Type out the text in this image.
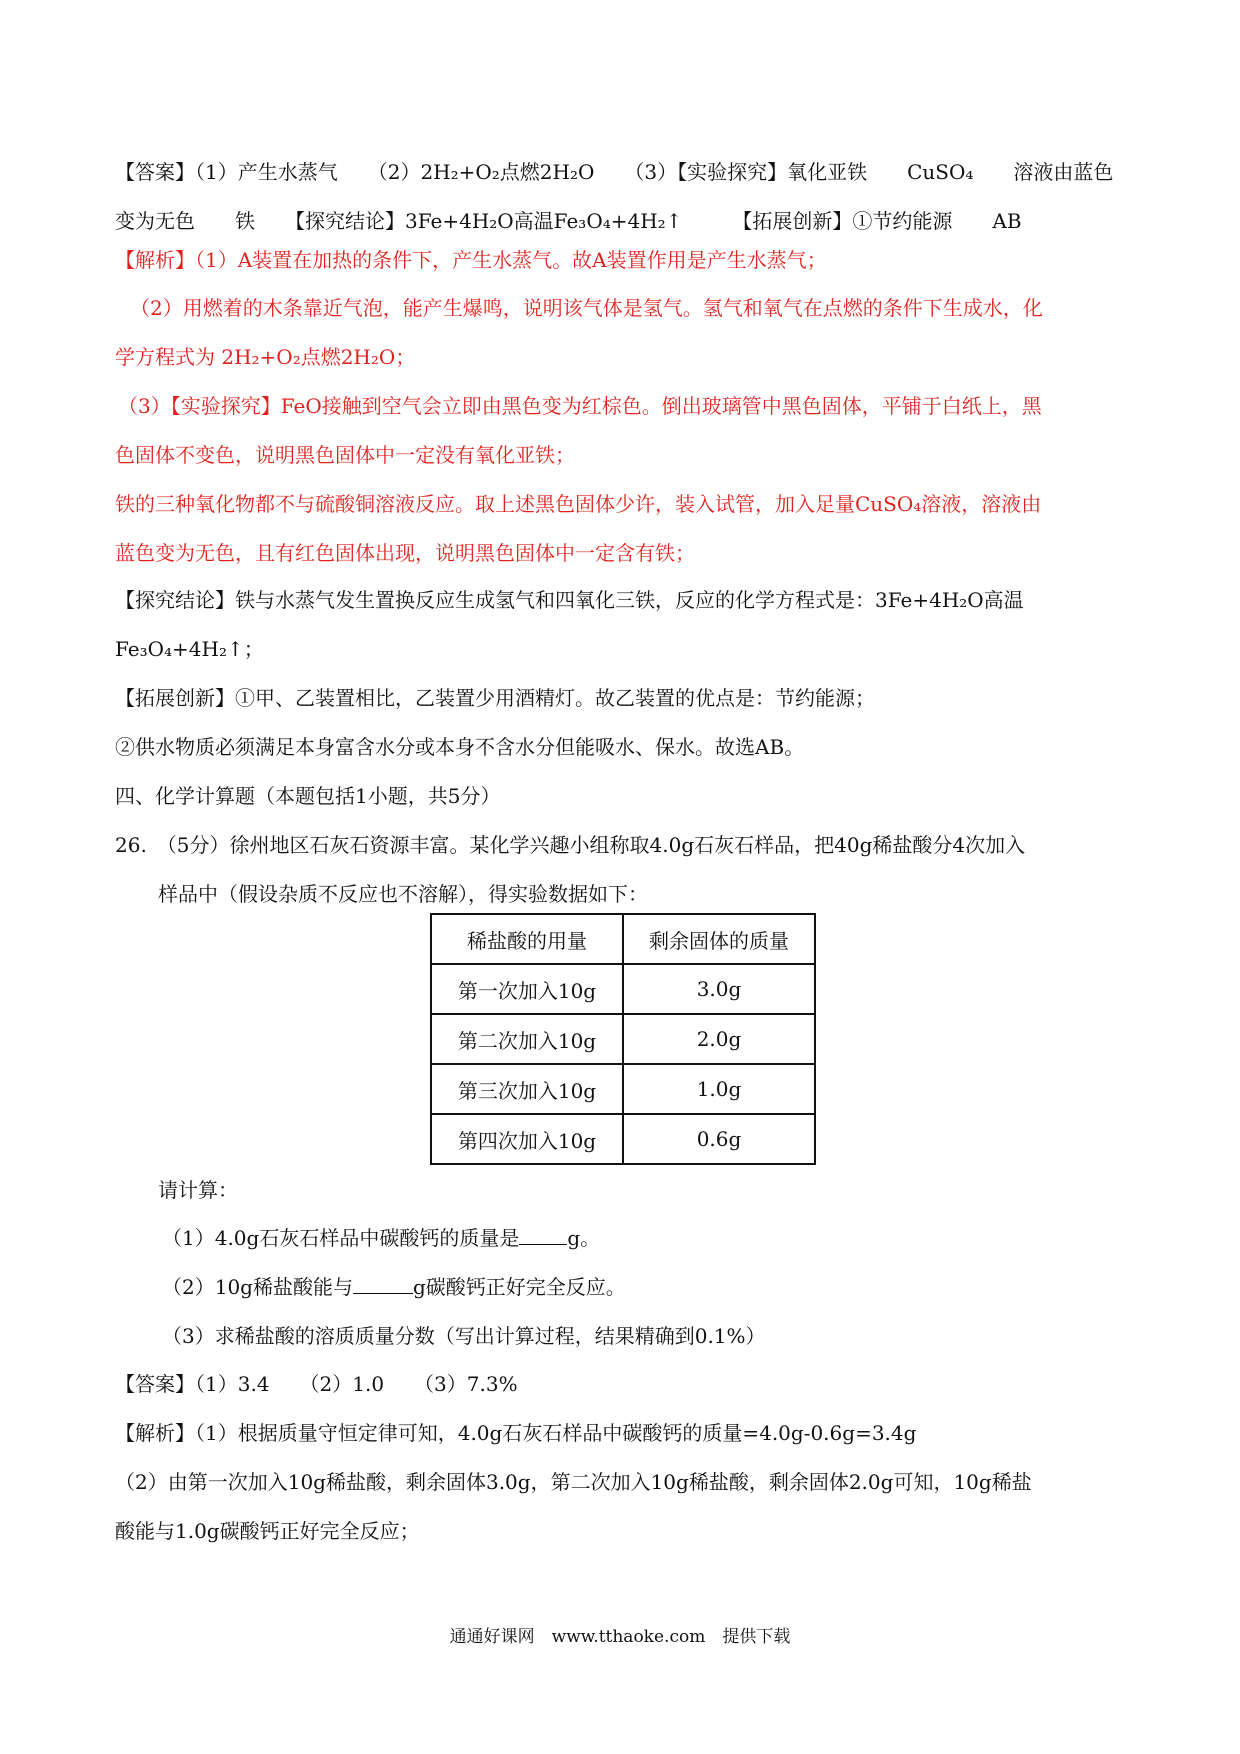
【答案】（1）产生水蒸气　　（2）2H₂+O₂点燃2H₂O　　（3）【实验探究】氧化亚铁　　CuSO₄　　溶液由蓝色
变为无色　　铁　　【探究结论】3Fe+4H₂O高温Fe₃O₄+4H₂↑　　　【拓展创新】①节约能源　　AB
【解析】（1）A装置在加热的条件下，产生水蒸气。故A装置作用是产生水蒸气；
（2）用燃着的木条靠近气泡，能产生爆鸣，说明该气体是氢气。氢气和氧气在点燃的条件下生成水，化
学方程式为 2H₂+O₂点燃2H₂O；
（3）【实验探究】FeO接触到空气会立即由黑色变为红棕色。倒出玻璃管中黑色固体，平铺于白纸上，黑
色固体不变色，说明黑色固体中一定没有氧化亚铁；
铁的三种氧化物都不与硫酸铜溶液反应。取上述黑色固体少许，装入试管，加入足量CuSO₄溶液，溶液由
蓝色变为无色，且有红色固体出现，说明黑色固体中一定含有铁；
【探究结论】铁与水蒸气发生置换反应生成氢气和四氧化三铁，反应的化学方程式是：3Fe+4H₂O高温
Fe₃O₄+4H₂↑；
【拓展创新】①甲、乙装置相比，乙装置少用酒精灯。故乙装置的优点是：节约能源；
②供水物质必须满足本身富含水分或本身不含水分但能吸水、保水。故选AB。
四、化学计算题（本题包括1小题，共5分）
26.　（5分）徐州地区石灰石资源丰富。某化学兴趣小组称取4.0g石灰石样品，把40g稀盐酸分4次加入
样品中（假设杂质不反应也不溶解），得实验数据如下：
稀盐酸的用量	剩余固体的质量
第一次加入10g	3.0g
第二次加入10g	2.0g
第三次加入10g	1.0g
第四次加入10g	0.6g
请计算：
（1）4.0g石灰石样品中碳酸钙的质量是 g。
（2）10g稀盐酸能与	g碳酸钙正好完全反应。
（3）求稀盐酸的溶质质量分数（写出计算过程，结果精确到0.1%）
【答案】（1）3.4　　（2）1.0　　（3）7.3%
【解析】（1）根据质量守恒定律可知，4.0g石灰石样品中碳酸钙的质量=4.0g-0.6g=3.4g
（2）由第一次加入10g稀盐酸，剩余固体3.0g，第二次加入10g稀盐酸，剩余固体2.0g可知，10g稀盐
酸能与1.0g碳酸钙正好完全反应；
通通好课网　www.tthaoke.com　提供下载
